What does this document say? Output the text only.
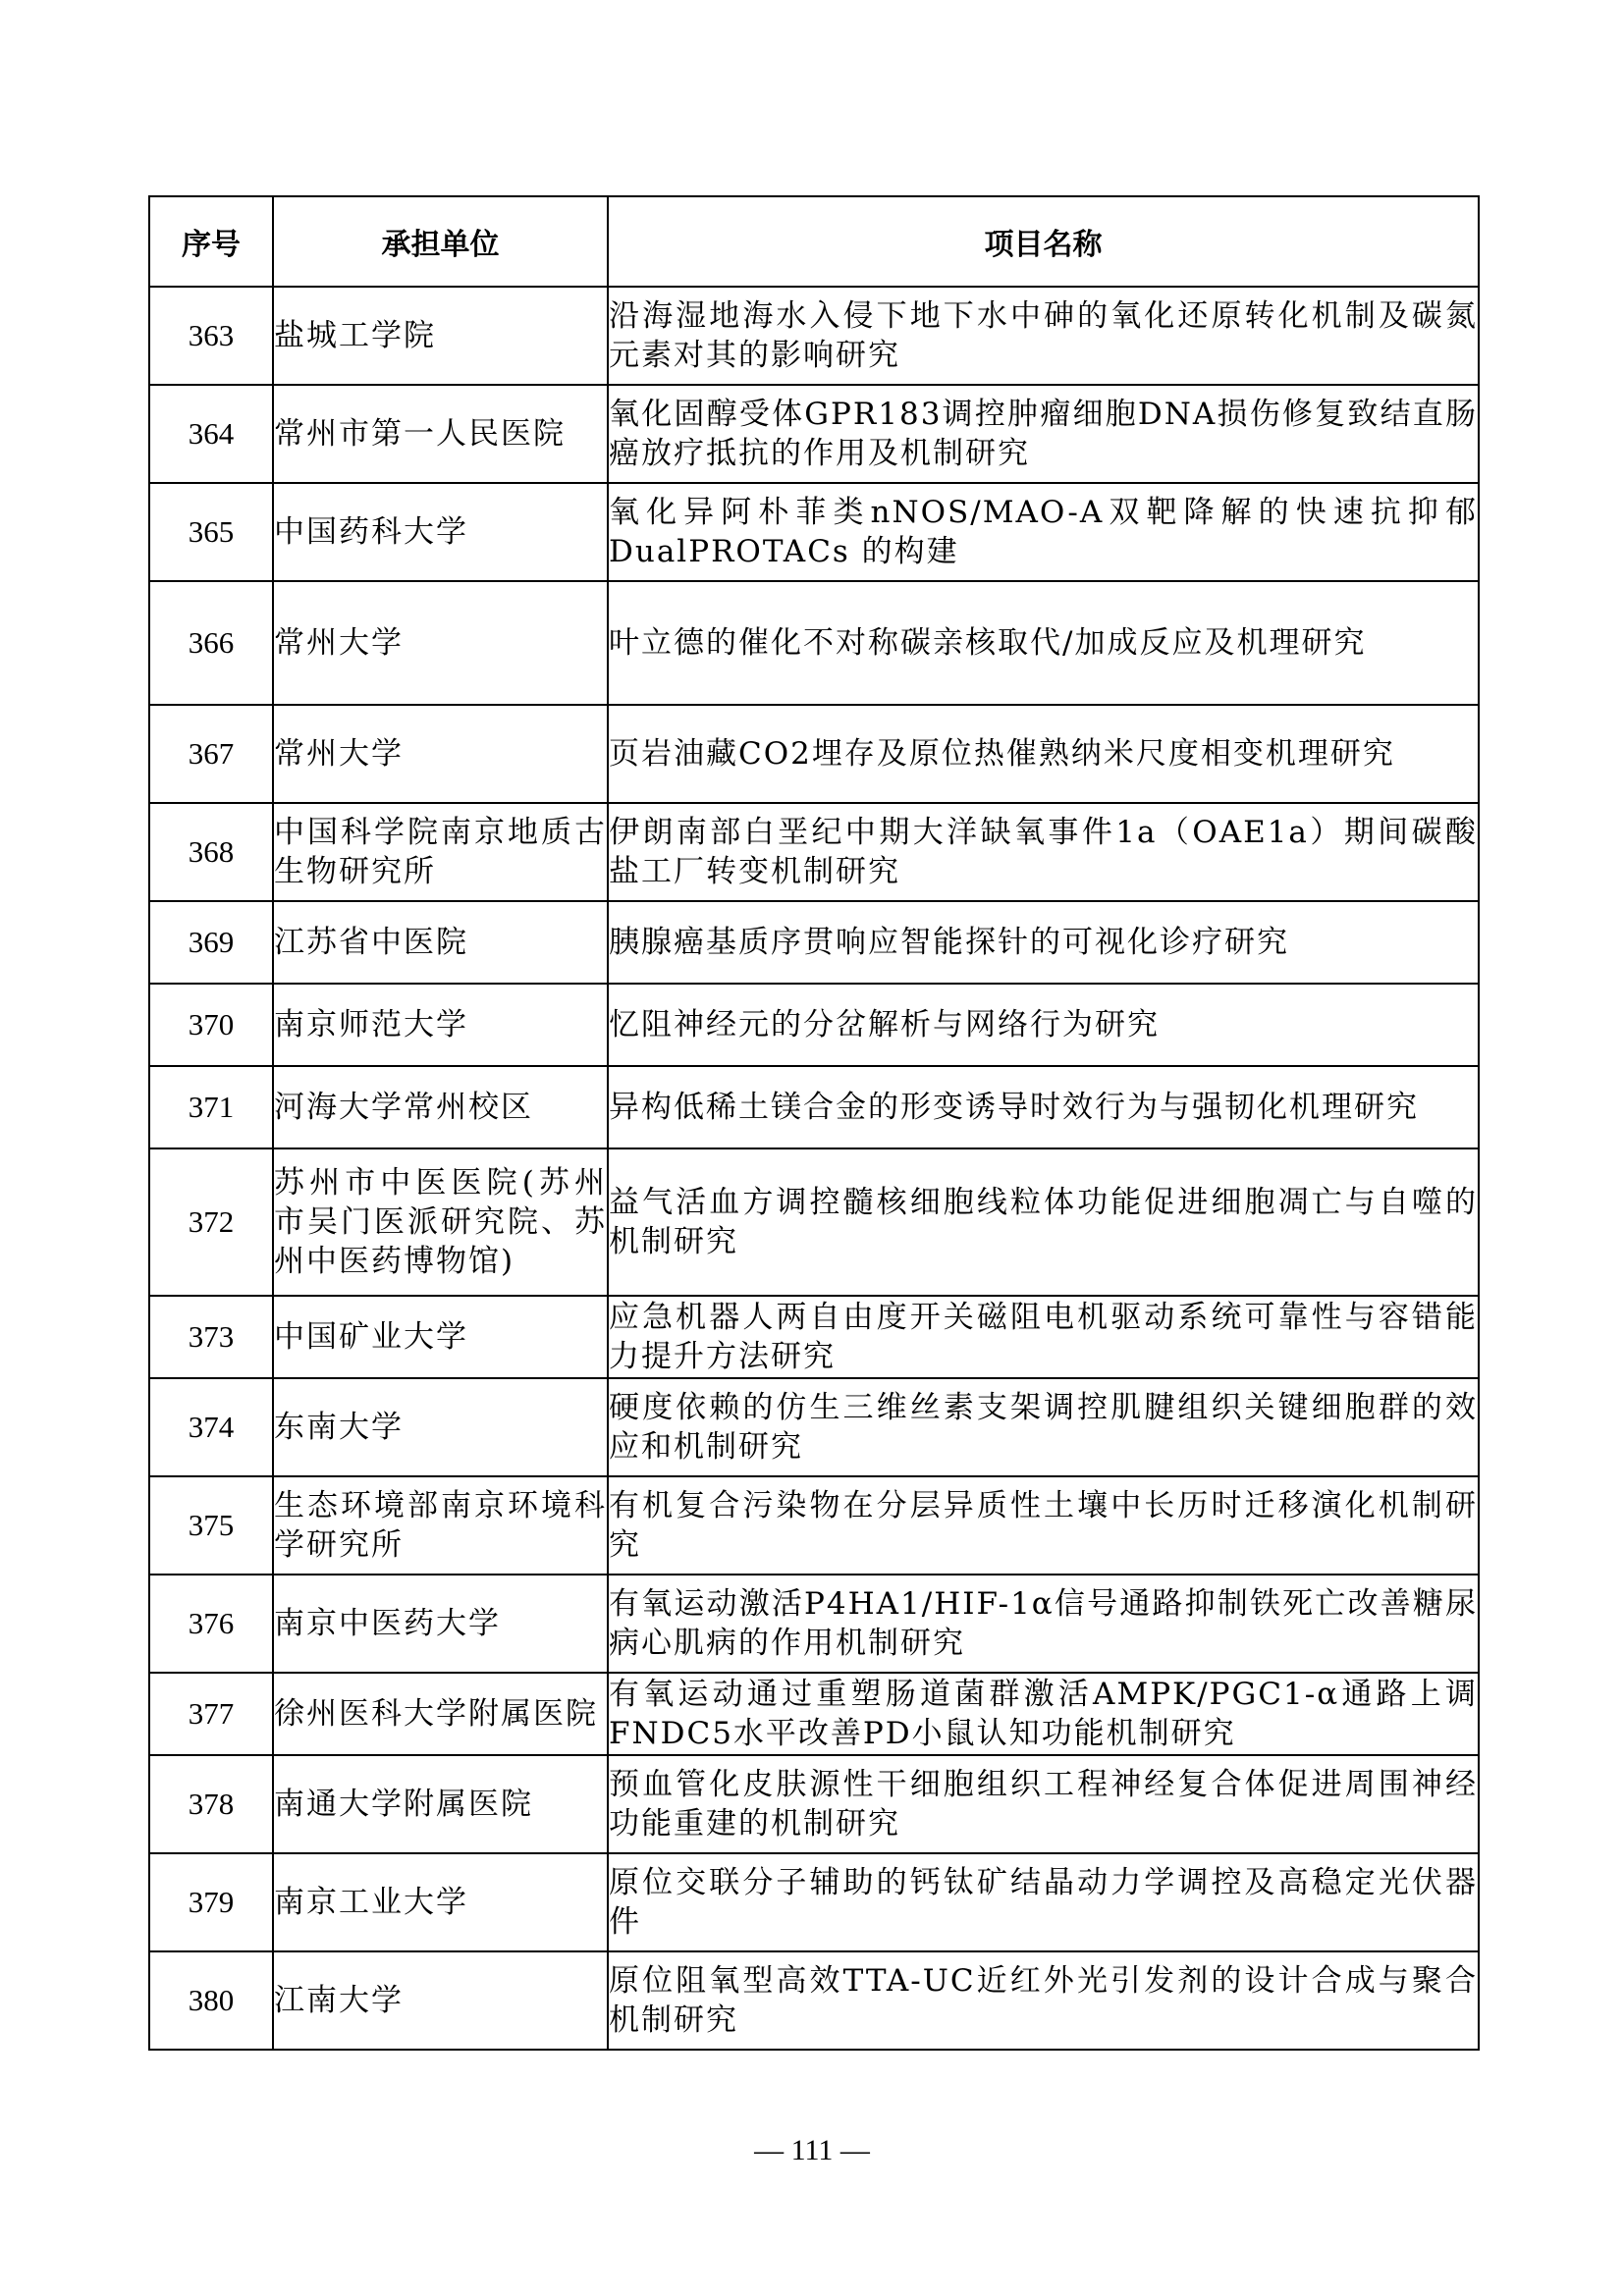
序号	承担单位	项目名称
363	盐城工学院	沿海湿地海水入侵下地下水中砷的氧化还原转化机制及碳氮元素对其的影响研究
364	常州市第一人民医院	氧化固醇受体GPR183调控肿瘤细胞DNA损伤修复致结直肠癌放疗抵抗的作用及机制研究
365	中国药科大学	氧化异阿朴菲类nNOS/MAO-A双靶降解的快速抗抑郁DualPROTACs 的构建
366	常州大学	叶立德的催化不对称碳亲核取代/加成反应及机理研究
367	常州大学	页岩油藏CO2埋存及原位热催熟纳米尺度相变机理研究
368	中国科学院南京地质古生物研究所	伊朗南部白垩纪中期大洋缺氧事件1a（OAE1a）期间碳酸盐工厂转变机制研究
369	江苏省中医院	胰腺癌基质序贯响应智能探针的可视化诊疗研究
370	南京师范大学	忆阻神经元的分岔解析与网络行为研究
371	河海大学常州校区	异构低稀土镁合金的形变诱导时效行为与强韧化机理研究
372	苏州市中医医院(苏州市吴门医派研究院、苏州中医药博物馆)	益气活血方调控髓核细胞线粒体功能促进细胞凋亡与自噬的机制研究
373	中国矿业大学	应急机器人两自由度开关磁阻电机驱动系统可靠性与容错能力提升方法研究
374	东南大学	硬度依赖的仿生三维丝素支架调控肌腱组织关键细胞群的效应和机制研究
375	生态环境部南京环境科学研究所	有机复合污染物在分层异质性土壤中长历时迁移演化机制研究
376	南京中医药大学	有氧运动激活P4HA1/HIF-1α信号通路抑制铁死亡改善糖尿病心肌病的作用机制研究
377	徐州医科大学附属医院	有氧运动通过重塑肠道菌群激活AMPK/PGC1-α通路上调FNDC5水平改善PD小鼠认知功能机制研究
378	南通大学附属医院	预血管化皮肤源性干细胞组织工程神经复合体促进周围神经功能重建的机制研究
379	南京工业大学	原位交联分子辅助的钙钛矿结晶动力学调控及高稳定光伏器件
380	江南大学	原位阻氧型高效TTA-UC近红外光引发剂的设计合成与聚合机制研究
— 111 —
